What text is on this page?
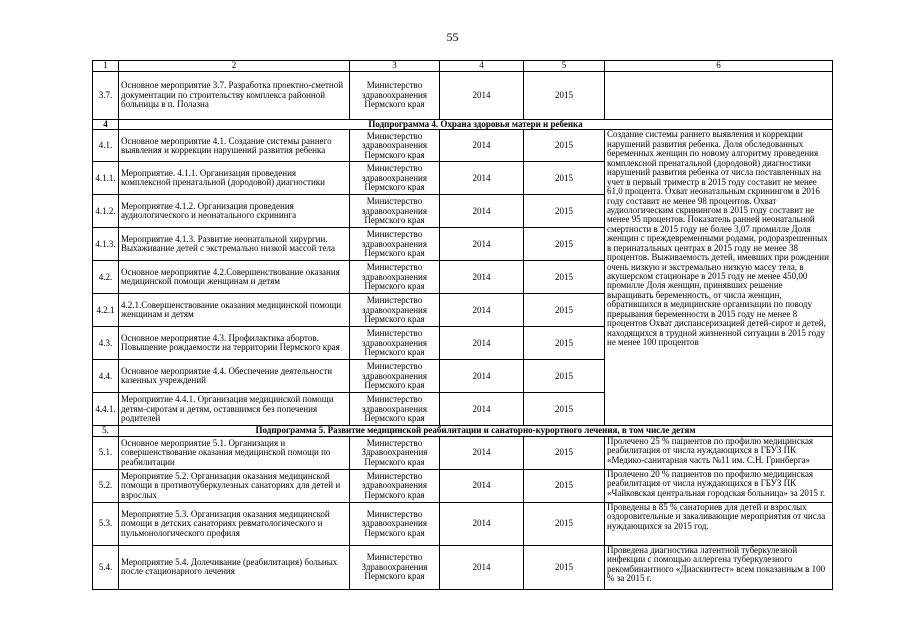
55
1	2	3	4	5	6
3.7.	Основное мероприятие 3.7. Разработка проектно-сметной документации по строительству комплекса районной больницы в п. Полазна	Министерство здравоохранения Пермского края	2014	2015	
4	Подпрограмма 4. Охрана здоровья матери и ребенка				
4.1.	Основное мероприятие 4.1. Создание системы раннего выявления и коррекции нарушений развития ребенка	Министерство здравоохранения Пермского края	2014	2015	Создание системы раннего выявления и коррекции нарушений развития ребенка. Доля обследованных беременных женщин по новому алгоритму проведения комплексной пренатальной (дородовой) диагностики нарушений развития ребенка от числа поставленных на учет в первый триместр в 2015 году составит не менее 61,0 процента. Охват неонатальным скринингом в 2016 году составит не менее 98 процентов. Охват аудиологическим скринингом в 2015 году составит не менее 95 процентов. Показатель ранней неонатальной смертности в 2015 году не более 3,07 промилле Доля женщин с преждевременными родами, родоразрешенных в перинатальных центрах в 2015 году не менее 38 процентов. Выживаемость детей, имевших при рождении очень низкую и экстремально низкую массу тела, в акушерском стационаре в 2015 году не менее 450,00 промилле Доля женщин, принявших решение выращивать беременность, от числа женщин, обратившихся в медицинские организации по поводу прерывания беременности в 2015 году не менее 8 процентов Охват диспансеризацией детей-сирот и детей, находящихся в трудной жизненной ситуации в 2015 году не менее 100 процентов
4.1.1.	Мероприятие. 4.1.1. Организация проведения комплексной пренатальной (дородовой) диагностики	Министерство здравоохранения Пермского края	2014	2015	
4.1.2.	Мероприятие 4.1.2. Организация проведения аудиологического и неонатального скрининга	Министерство здравоохранения Пермского края	2014	2015	
4.1.3.	Мероприятие 4.1.3. Развитие неонатальной хирургии. Выхаживание детей с экстремально низкой массой тела	Министерство здравоохранения Пермского края	2014	2015	
4.2.	Основное мероприятие 4.2.Совершенствование оказания медицинской помощи женщинам и детям	Министерство здравоохранения Пермского края	2014	2015	
4.2.1	4.2.1.Совершенствование оказания медицинской помощи женщинам и детям	Министерство здравоохранения Пермского края	2014	2015	
4.3.	Основное мероприятие 4.3. Профилактика абортов. Повышение рождаемости на территории Пермского края	Министерство здравоохранения Пермского края	2014	2015	
4.4.	Основное мероприятие 4.4. Обеспечение деятельности казенных учреждений	Министерство здравоохранения Пермского края	2014	2015	
4.4.1.	Мероприятие 4.4.1. Организация медицинской помощи детям-сиротам и детям, оставшимся без попечения родителей	Министерство здравоохранения Пермского края	2014	2015	
5.	Подпрограмма 5. Развитие медицинской реабилитации и санаторно-курортного лечения, в том числе детям				
5.1.	Основное мероприятие 5.1. Организация и совершенствование оказания медицинской помощи по реабилитации	Министерство Здравоохранения Пермского края	2014	2015	Пролечено 25 % пациентов по профилю медицинская реабилитация от числа нуждающихся в ГБУЗ ПК «Медико-санитарная часть №11 им. С.Н. Гринберга»
5.2.	Мероприятие 5.2. Организация оказания медицинской помощи в противотуберкулезных санаториях для детей и взрослых	Министерство здравоохранения Пермского края	2014	2015	Пролечено 20 % пациентов по профилю медицинская реабилитация от числа нуждающихся в ГБУЗ ПК «Чайковская центральная городская больница» за 2015 г.
5.3.	Мероприятие 5.3. Организация оказания медицинской помощи в детских санаториях ревматологического и пульмонологического профиля	Министерство здравоохранения Пермского края	2014	2015	Проведены в 85 % санаториев для детей и взрослых оздоровительные и закаливающие мероприятия от числа нуждающихся за 2015 год.
5.4.	Мероприятие 5.4. Долечивание (реабилитация) больных после стационарного лечения	Министерство Здравоохранения Пермского края	2014	2015	Проведена диагностика латентной туберкулезной инфекции с помощью аллергена туберкулезного рекомбинантного «Диаскинтест» всем показанным в 100 % за 2015 г.
